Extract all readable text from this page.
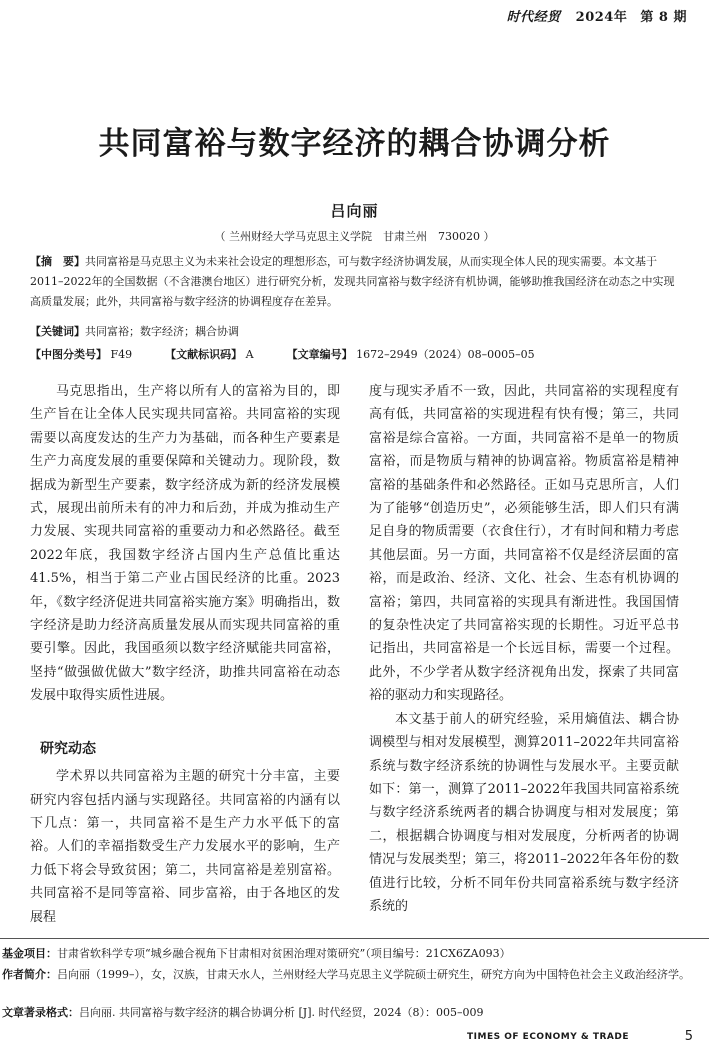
时代经贸 2024年 第 8 期
共同富裕与数字经济的耦合协调分析
吕向丽
（ 兰州财经大学马克思主义学院　甘肃兰州　730020 ）
【摘　要】共同富裕是马克思主义为未来社会设定的理想形态，可与数字经济协调发展，从而实现全体人民的现实需要。本文基于2011–2022年的全国数据（不含港澳台地区）进行研究分析，发现共同富裕与数字经济有机协调，能够助推我国经济在动态之中实现高质量发展；此外，共同富裕与数字经济的协调程度存在差异。
【关键词】共同富裕；数字经济；耦合协调
【中图分类号】 F49	【文献标识码】 A	【文章编号】 1672–2949（2024）08–0005–05

马克思指出，生产将以所有人的富裕为目的，即生产旨在让全体人民实现共同富裕。共同富裕的实现需要以高度发达的生产力为基础，而各种生产要素是生产力高度发展的重要保障和关键动力。现阶段，数据成为新型生产要素，数字经济成为新的经济发展模式，展现出前所未有的冲力和后劲，并成为推动生产力发展、实现共同富裕的重要动力和必然路径。截至2022年底，我国数字经济占国内生产总值比重达41.5%，相当于第二产业占国民经济的比重。2023年，《数字经济促进共同富裕实施方案》明确指出，数字经济是助力经济高质量发展从而实现共同富裕的重要引擎。因此，我国亟须以数字经济赋能共同富裕，坚持“做强做优做大”数字经济，助推共同富裕在动态发展中取得实质性进展。

研究动态

学术界以共同富裕为主题的研究十分丰富，主要研究内容包括内涵与实现路径。共同富裕的内涵有以下几点：第一，共同富裕不是生产力水平低下的富裕。人们的幸福指数受生产力发展水平的影响，生产力低下将会导致贫困；第二，共同富裕是差别富裕。共同富裕不是同等富裕、同步富裕，由于各地区的发展程

度与现实矛盾不一致，因此，共同富裕的实现程度有高有低，共同富裕的实现进程有快有慢；第三，共同富裕是综合富裕。一方面，共同富裕不是单一的物质富裕，而是物质与精神的协调富裕。物质富裕是精神富裕的基础条件和必然路径。正如马克思所言，人们为了能够“创造历史”，必须能够生活，即人们只有满足自身的物质需要（衣食住行），才有时间和精力考虑其他层面。另一方面，共同富裕不仅是经济层面的富裕，而是政治、经济、文化、社会、生态有机协调的富裕；第四，共同富裕的实现具有渐进性。我国国情的复杂性决定了共同富裕实现的长期性。习近平总书记指出，共同富裕是一个长远目标，需要一个过程。此外，不少学者从数字经济视角出发，探索了共同富裕的驱动力和实现路径。

本文基于前人的研究经验，采用熵值法、耦合协调模型与相对发展模型，测算2011–2022年共同富裕系统与数字经济系统的协调性与发展水平。主要贡献如下：第一，测算了2011–2022年我国共同富裕系统与数字经济系统两者的耦合协调度与相对发展度；第二，根据耦合协调度与相对发展度，分析两者的协调情况与发展类型；第三，将2011–2022年各年份的数值进行比较，分析不同年份共同富裕系统与数字经济系统的

基金项目：甘肃省软科学专项“城乡融合视角下甘肃相对贫困治理对策研究”（项目编号：21CX6ZA093）
作者简介：吕向丽（1999–），女，汉族，甘肃天水人，兰州财经大学马克思主义学院硕士研究生，研究方向为中国特色社会主义政治经济学。
文章著录格式：吕向丽. 共同富裕与数字经济的耦合协调分析 [J]. 时代经贸，2024（8）：005–009
TIMES OF ECONOMY & TRADE	5
